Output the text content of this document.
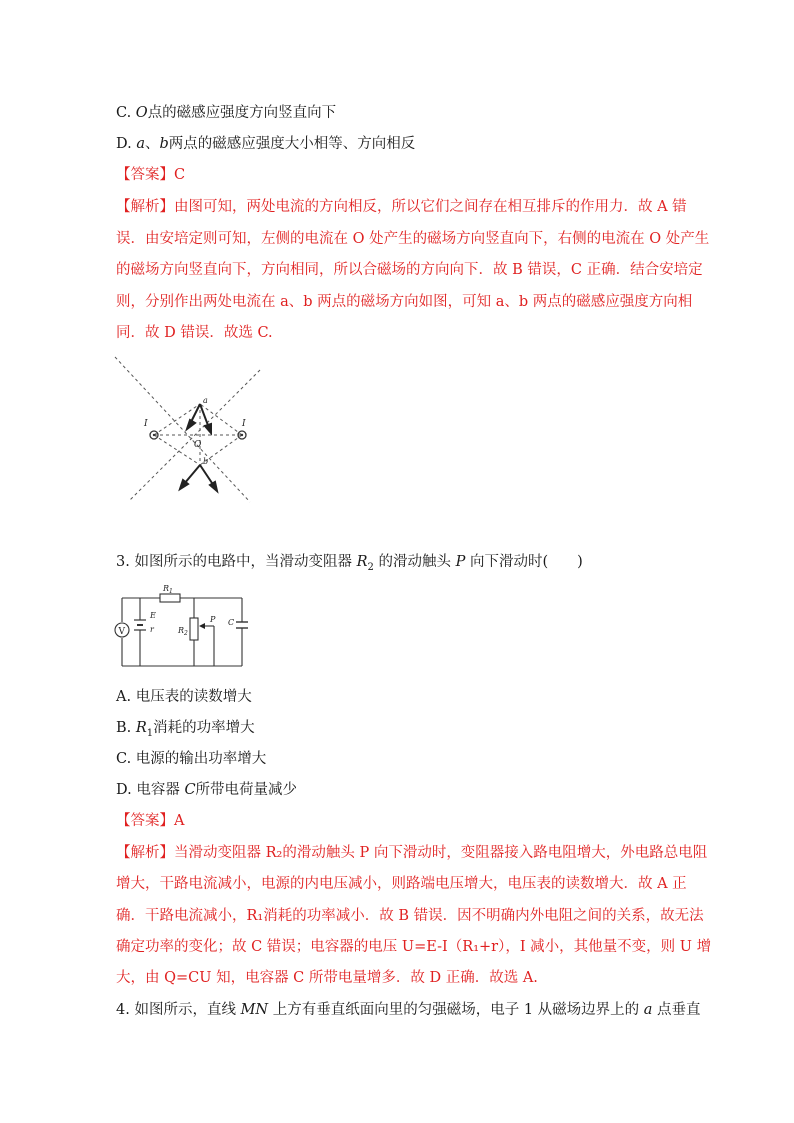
C. O点的磁感应强度方向竖直向下
D. a、b两点的磁感应强度大小相等、方向相反
【答案】C
【解析】由图可知，两处电流的方向相反，所以它们之间存在相互排斥的作用力．故 A 错
误．由安培定则可知，左侧的电流在 O 处产生的磁场方向竖直向下，右侧的电流在 O 处产生
的磁场方向竖直向下，方向相同，所以合磁场的方向向下．故 B 错误，C 正确．结合安培定
则，分别作出两处电流在 a、b 两点的磁场方向如图，可知 a、b 两点的磁感应强度方向相
同．故 D 错误．故选 C.
I	I
O
a
b
3. 如图所示的电路中，当滑动变阻器 $R_2$ 的滑动触头 P 向下滑动时(　　)
V
$R_1$
E
r	$R_2$
P C
A. 电压表的读数增大
B. $R_1$消耗的功率增大
C. 电源的输出功率增大
D. 电容器 C所带电荷量减少
【答案】A
【解析】当滑动变阻器 R₂的滑动触头 P 向下滑动时，变阻器接入路电阻增大，外电路总电阻
增大，干路电流减小，电源的内电压减小，则路端电压增大，电压表的读数增大．故 A 正
确．干路电流减小，R₁消耗的功率减小．故 B 错误．因不明确内外电阻之间的关系，故无法
确定功率的变化；故 C 错误；电容器的电压 U=E-I（R₁+r），I 减小，其他量不变，则 U 增
大，由 Q=CU 知，电容器 C 所带电量增多．故 D 正确．故选 A.
4. 如图所示，直线 MN 上方有垂直纸面向里的匀强磁场，电子 1 从磁场边界上的 a 点垂直
